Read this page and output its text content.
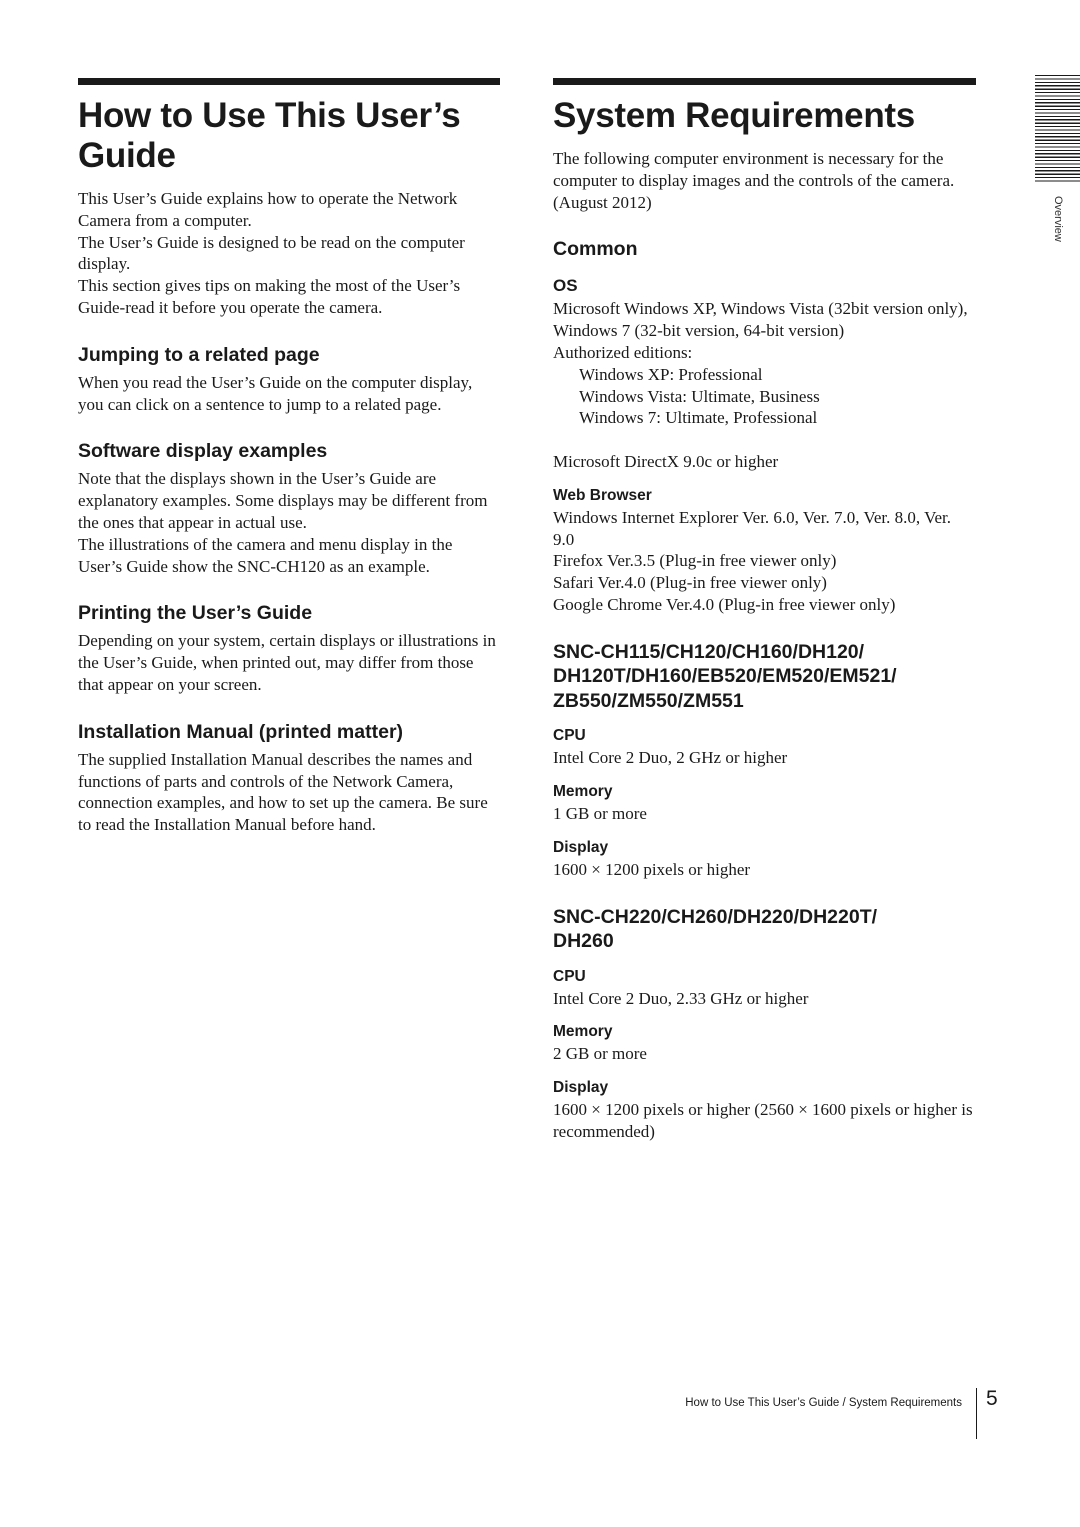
How to Use This User’s Guide

This User’s Guide explains how to operate the Network Camera from a computer.

The User’s Guide is designed to be read on the computer display.

This section gives tips on making the most of the User’s Guide-read it before you operate the camera.

Jumping to a related page

When you read the User’s Guide on the computer display, you can click on a sentence to jump to a related page.

Software display examples

Note that the displays shown in the User’s Guide are explanatory examples. Some displays may be different from the ones that appear in actual use.

The illustrations of the camera and menu display in the User’s Guide show the SNC-CH120 as an example.

Printing the User’s Guide

Depending on your system, certain displays or illustrations in the User’s Guide, when printed out, may differ from those that appear on your screen.

Installation Manual (printed matter)

The supplied Installation Manual describes the names and functions of parts and controls of the Network Camera, connection examples, and how to set up the camera. Be sure to read the Installation Manual before hand.

System Requirements

The following computer environment is necessary for the computer to display images and the controls of the camera.

(August 2012)

Common
OS

Microsoft Windows XP, Windows Vista (32bit version only), Windows 7 (32-bit version, 64-bit version)

Authorized editions:

Windows XP: Professional

Windows Vista: Ultimate, Business

Windows 7: Ultimate, Professional

Microsoft DirectX 9.0c or higher

Web Browser

Windows Internet Explorer Ver. 6.0, Ver. 7.0, Ver. 8.0, Ver. 9.0

Firefox Ver.3.5 (Plug-in free viewer only)

Safari Ver.4.0 (Plug-in free viewer only)

Google Chrome Ver.4.0 (Plug-in free viewer only)

SNC-CH115/CH120/CH160/DH120/
DH120T/DH160/EB520/EM520/EM521/
ZB550/ZM550/ZM551
CPU

Intel Core 2 Duo, 2 GHz or higher

Memory

1 GB or more

Display

1600 × 1200 pixels or higher

SNC-CH220/CH260/DH220/DH220T/
DH260
CPU

Intel Core 2 Duo, 2.33 GHz or higher

Memory

2 GB or more

Display

1600 × 1200 pixels or higher (2560 × 1600 pixels or higher is recommended)

Overview
How to Use This User’s Guide / System Requirements 5
